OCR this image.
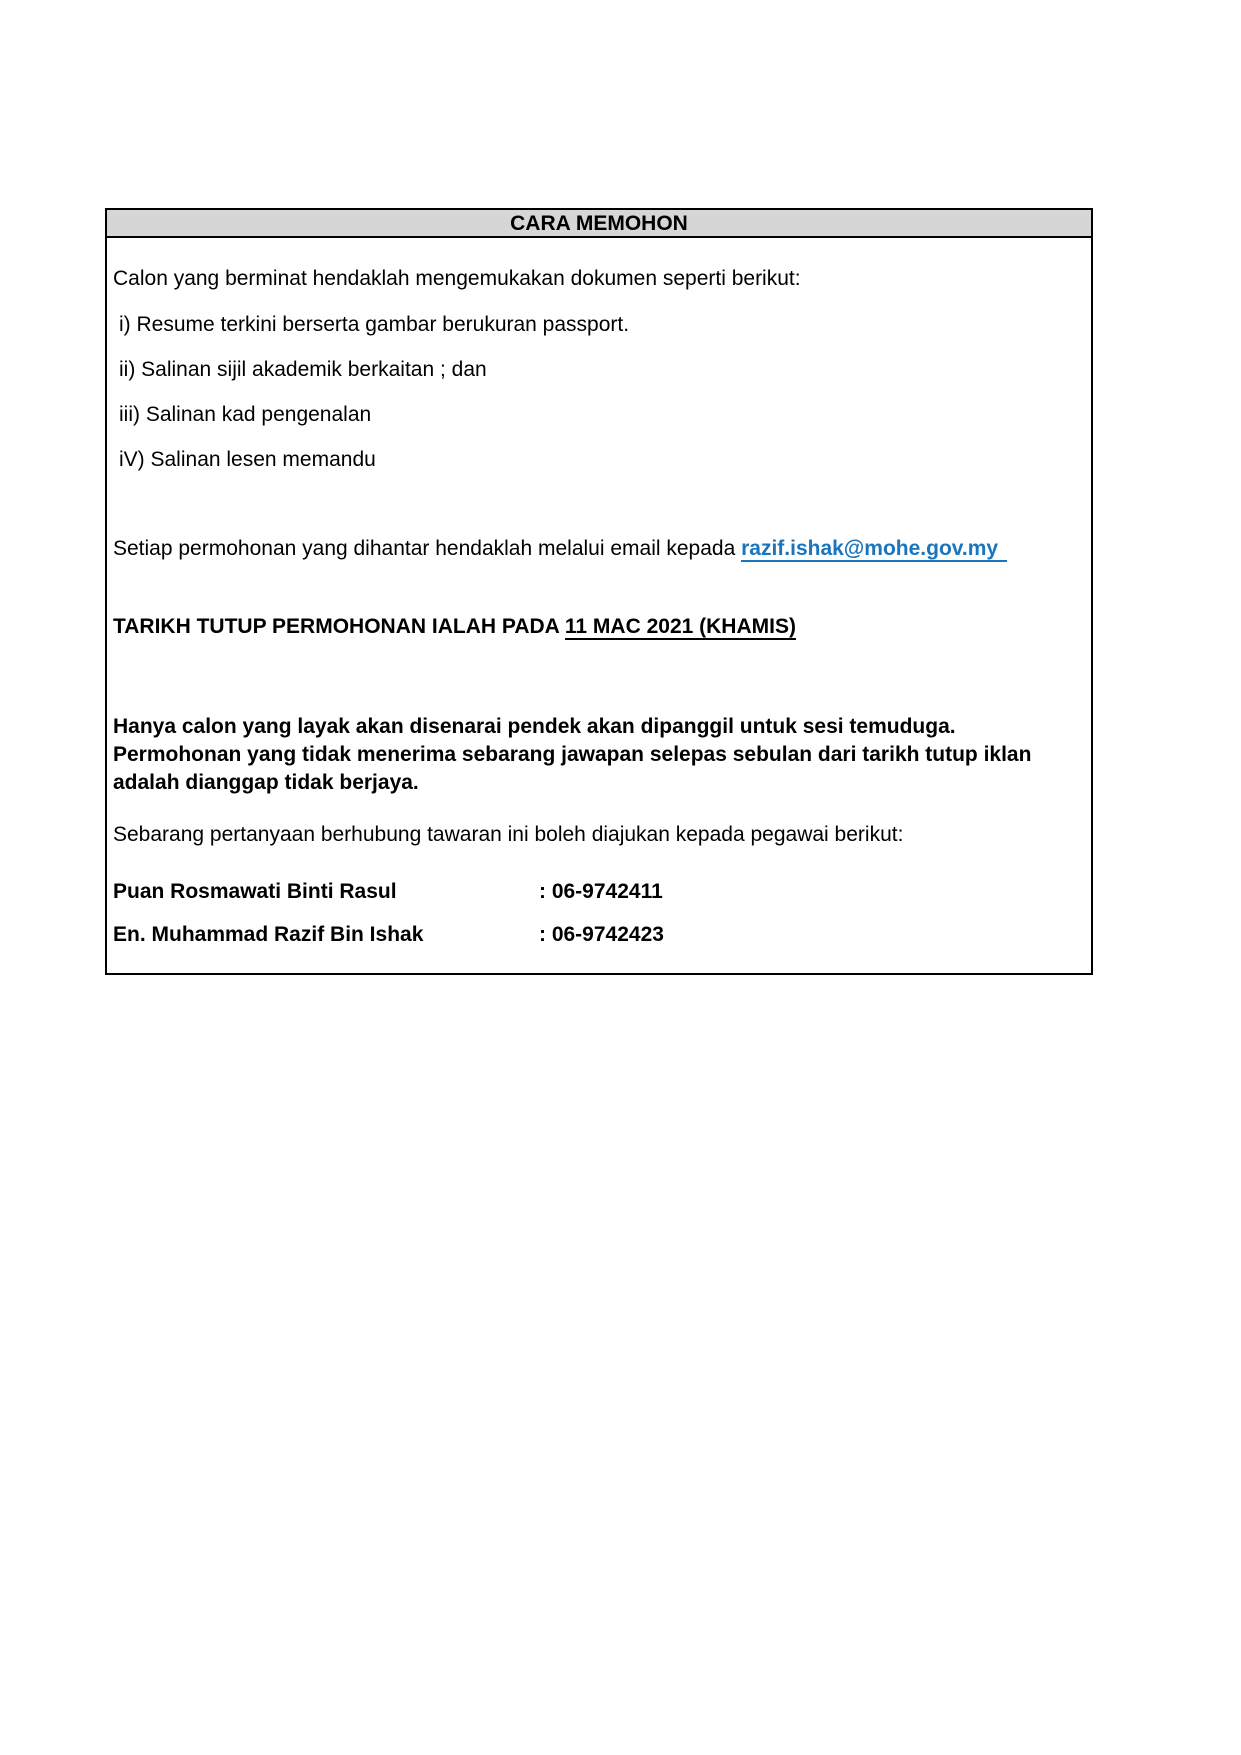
CARA MEMOHON
Calon yang berminat hendaklah mengemukakan dokumen seperti berikut:
i) Resume terkini berserta gambar berukuran passport.
ii) Salinan sijil akademik berkaitan ; dan
iii) Salinan kad pengenalan
iV) Salinan lesen memandu
Setiap permohonan yang dihantar hendaklah melalui email kepada razif.ishak@mohe.gov.my
TARIKH TUTUP PERMOHONAN IALAH PADA 11 MAC 2021 (KHAMIS)
Hanya calon yang layak akan disenarai pendek akan dipanggil untuk sesi temuduga.
Permohonan yang tidak menerima sebarang jawapan selepas sebulan dari tarikh tutup iklan
adalah dianggap tidak berjaya.
Sebarang pertanyaan berhubung tawaran ini boleh diajukan kepada pegawai berikut:
Puan Rosmawati Binti Rasul	: 06-9742411
En. Muhammad Razif Bin Ishak	: 06-9742423
